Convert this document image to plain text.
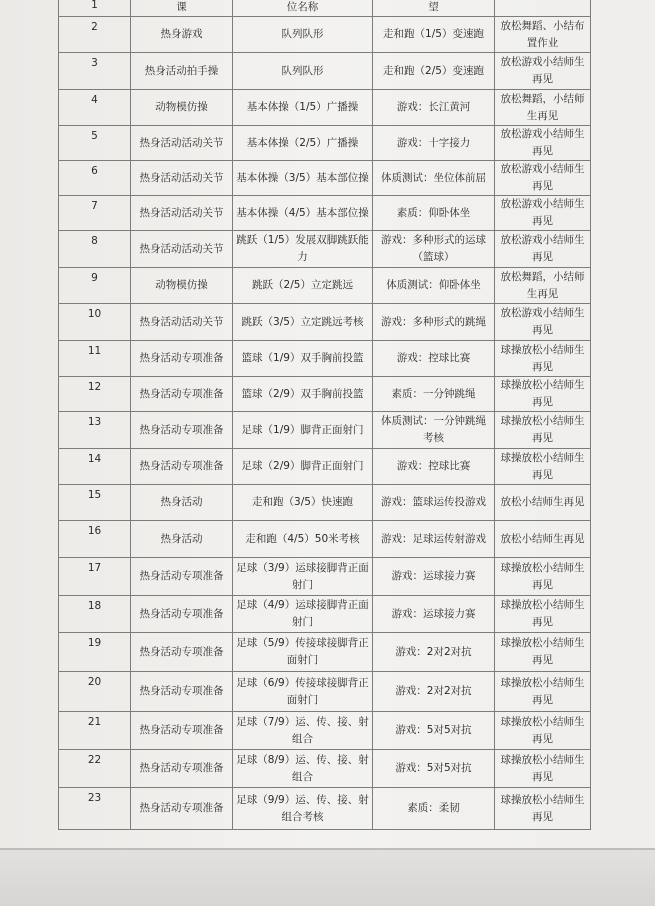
1	课	位名称	望	
2	热身游戏	队列队形	走和跑（1/5）变速跑	放松舞蹈、小结布置作业
3	热身活动拍手操	队列队形	走和跑（2/5）变速跑	放松游戏小结师生再见
4	动物模仿操	基本体操（1/5）广播操	游戏：长江黄河	放松舞蹈，小结师生再见
5	热身活动活动关节	基本体操（2/5）广播操	游戏：十字接力	放松游戏小结师生再见
6	热身活动活动关节	基本体操（3/5）基本部位操	体质测试：坐位体前屈	放松游戏小结师生再见
7	热身活动活动关节	基本体操（4/5）基本部位操	素质：仰卧体坐	放松游戏小结师生再见
8	热身活动活动关节	跳跃（1/5）发展双脚跳跃能力	游戏：多种形式的运球（篮球）	放松游戏小结师生再见
9	动物模仿操	跳跃（2/5）立定跳远	体质测试：仰卧体坐	放松舞蹈，小结师生再见
10	热身活动活动关节	跳跃（3/5）立定跳远考核	游戏：多种形式的跳绳	放松游戏小结师生再见
11	热身活动专项准备	篮球（1/9）双手胸前投篮	游戏：控球比赛	球操放松小结师生再见
12	热身活动专项准备	篮球（2/9）双手胸前投篮	素质：一分钟跳绳	球操放松小结师生再见
13	热身活动专项准备	足球（1/9）脚背正面射门	体质测试：一分钟跳绳考核	球操放松小结师生再见
14	热身活动专项准备	足球（2/9）脚背正面射门	游戏：控球比赛	球操放松小结师生再见
15	热身活动	走和跑（3/5）快速跑	游戏：篮球运传投游戏	放松小结师生再见
16	热身活动	走和跑（4/5）50米考核	游戏：足球运传射游戏	放松小结师生再见
17	热身活动专项准备	足球（3/9）运球接脚背正面射门	游戏：运球接力赛	球操放松小结师生再见
18	热身活动专项准备	足球（4/9）运球接脚背正面射门	游戏：运球接力赛	球操放松小结师生再见
19	热身活动专项准备	足球（5/9）传接球接脚背正面射门	游戏：2对2对抗	球操放松小结师生再见
20	热身活动专项准备	足球（6/9）传接球接脚背正面射门	游戏：2对2对抗	球操放松小结师生再见
21	热身活动专项准备	足球（7/9）运、传、接、射组合	游戏：5对5对抗	球操放松小结师生再见
22	热身活动专项准备	足球（8/9）运、传、接、射组合	游戏：5对5对抗	球操放松小结师生再见
23	热身活动专项准备	足球（9/9）运、传、接、射组合考核	素质：柔韧	球操放松小结师生再见
